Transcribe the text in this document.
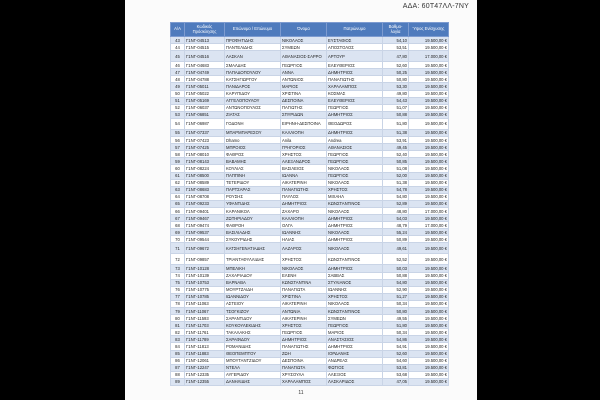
ΑΔΑ: 60Τ47ΛΛ-7ΝΥ
Α/Α	Κωδικός Πρόσκλησης	Επώνυμο / Επώνυμο	Όνομα	Πατρώνυμο	Βαθμο-λογία	Ύψος Ενίσχυσης
43	Γ1ΝΓ-04513	ΠΡΟΦΗΤΙΔΗΣ	ΝΙΚΟΛΑΟΣ	ΕΥΣΤΑΘΙΟΣ	54,10	19.500,00 €
44	Γ1ΝΓ-04515	ΠΑΝΤΕΛΙΔΗΣ	ΣΥΜΕΩΝ	ΑΠΟΣΤΟΛΟΣ	53,51	19.500,00 €
45	Γ1ΝΓ-04516	ΛΑΣΚΑΝ	ΑΘΑΝΑΣΙΟΣ-ΣΑΡΡΟ	ΑΡΤΟΥΡ	47,80	17.000,00 €
46	Γ1ΝΓ-04683	ΣΜΑΛΔΗΣ	ΓΕΩΡΓΙΟΣ	ΕΛΕΥΘΕΡΙΟΣ	52,60	19.500,00 €
47	Γ1ΝΓ-04749	ΠΑΠΑΔΟΠΟΥΛΟΥ	ΑΝΝΑ	ΔΗΜΗΤΡΙΟΣ	50,25	19.500,00 €
48	Γ1ΝΓ-04788	ΚΑΤΣΗΓΙΩΡΓΟΥ	ΑΝΤΩΝΙΟΣ	ΠΑΝΑΓΙΩΤΗΣ	50,80	19.500,00 €
49	Γ1ΝΓ-05011	ΠΑΝΙΔΑΡΟΣ	ΜΑΡΙΟΣ	ΧΑΡΑΛΑΜΠΟΣ	53,30	19.500,00 €
50	Γ1ΝΓ-05022	ΚΑΡΥΠΙΔΟΥ	ΧΡΙΣΤΙΝΑ	ΚΟΣΜΑΣ	49,80	19.500,00 €
51	Γ1ΝΓ-05169	ΑΓΓΕΛΟΠΟΥΛΟΥ	ΔΕΣΠΟΙΝΑ	ΕΛΕΥΘΕΡΙΟΣ	54,43	19.500,00 €
52	Γ1ΝΓ-06037	ΑΝΤΩΝΟΠΟΥΛΟΣ	ΠΑΓΙΩΤΗΣ	ΓΕΩΡΓΙΟΣ	51,07	19.500,00 €
53	Γ1ΝΓ-06851	ΖΙΑΤΑΣ	ΣΠΥΡΙΔΩΝ	ΔΗΜΗΤΡΙΟΣ	50,88	19.500,00 €
54	Γ1ΝΓ-06987	ΓΟΔΟΝΗ	ΕΙΡΗΝΗ-ΔΕΣΠΟΙΝΑ	ΘΕΟΔΩΡΟΣ	51,80	19.500,00 €
55	Γ1ΝΓ-07337	ΜΠΑΡΜΠΑΡΕΣΟΥ	ΚΑΛΛΙΟΠΗ	ΔΗΜΗΤΡΙΟΣ	51,38	19.500,00 €
56	Γ1ΝΓ-07423	Dhamo	Anila	Andrea	53,91	19.500,00 €
57	Γ1ΝΓ-07425	ΜΠΡΟΙΟΣ	ΓΡΗΓΟΡΙΟΣ	ΑΘΑΝΑΣΙΟΣ	49,45	19.500,00 €
58	Γ1ΝΓ-08010	ΦΑΘΡΟΣ	ΧΡΗΣΤΟΣ	ΓΕΩΡΓΙΟΣ	52,40	19.500,00 €
59	Γ1ΝΓ-08143	ΒΑΒΑΜΗΣ	ΑΛΕΞΑΝΔΡΟΣ	ΓΕΩΡΓΙΟΣ	50,85	19.500,00 €
60	Γ1ΝΓ-08224	ΚΟΥΛΙΑΣ	ΒΑΣΙΛΕΙΟΣ	ΝΙΚΟΛΑΟΣ	51,08	19.500,00 €
61	Γ1ΝΓ-08500	ΠΑΠΠΙΝΗ	ΙΩΑΝΝΑ	ΓΕΩΡΓΙΟΣ	52,00	19.500,00 €
62	Γ1ΝΓ-08589	ΤΕΤΕΡΙΔΟΥ	ΑΙΚΑΤΕΡΙΝΗ	ΝΙΚΟΛΑΟΣ	51,38	19.500,00 €
63	Γ1ΝΓ-08683	ΠΑΡΤΣΑΡΑΣ	ΠΑΝΑΓΙΩΤΗΣ	ΧΡΗΣΤΟΣ	54,78	19.500,00 €
64	Γ1ΝΓ-08708	ΡΟΥΣΗΣ	ΠΑΥΛΟΣ	ΜΙΧΑΗΛ	54,80	19.500,00 €
65	Γ1ΝΓ-09233	ΥΦΑΝΤΙΔΗΣ	ΔΗΜΗΤΡΙΟΣ	ΚΩΝΣΤΑΝΤΙΝΟΣ	52,89	19.500,00 €
66	Γ1ΝΓ-09401	ΚΑΡΑΝΙΚΟΛ	ΖΑΧΑΡΟ	ΝΙΚΟΛΑΟΣ	48,80	17.000,00 €
67	Γ1ΝΓ-09467	ΖΩΤΗΡΙΑΔΟΥ	ΚΑΛΛΙΟΠΗ	ΔΗΜΗΤΡΙΟΣ	54,03	19.500,00 €
68	Γ1ΝΓ-09474	ΦΑΘΡΟΗ	ΟΛΓΑ	ΔΗΜΗΤΡΙΟΣ	48,79	17.000,00 €
69	Γ1ΝΓ-09537	ΒΑΣΙΛΙΑΔΗΣ	ΙΩΑΝΝΗΣ	ΝΙΚΟΛΑΟΣ	55,24	19.500,00 €
70	Γ1ΝΓ-09544	ΣΥΚΟΥΡΙΔΗΣ	ΗΛΙΑΣ	ΔΗΜΗΤΡΙΟΣ	50,89	19.500,00 €
71	Γ1ΝΓ-09672	ΚΑΤΣΗΓΕΝΑΤΙΑΔΗΣ	ΛΑΖΑΡΟΣ	ΝΙΚΟΛΑΟΣ	49,61	19.500,00 €
72	Γ1ΝΓ-09857	ΤΡΙΑΝΤΑΦΥΛΛΙΔΗΣ	ΧΡΗΣΤΟΣ	ΚΩΝΣΤΑΝΤΙΝΟΣ	52,52	19.500,00 €
73	Γ1ΝΓ-10128	ΜΠΕΛΙΚΗ	ΝΙΚΟΛΑΟΣ	ΔΗΜΗΤΡΙΟΣ	50,03	19.500,00 €
74	Γ1ΝΓ-10139	ΖΑΧΑΡΙΑΔΟΥ	ΕΛΕΝΗ	ΣΑΒΒΑΣ	50,88	19.500,00 €
75	Γ1ΝΓ-10753	ΒΑΡΝΑΒΑ	ΚΩΝΣΤΑΝΤΙΝΑ	ΣΤΥΛΙΑΝΟΣ	54,80	19.500,00 €
76	Γ1ΝΓ-10775	ΜΟΥΡΤΖΑΙΔΗ	ΠΑΝΑΓΙΩΤΑ	ΙΩΑΝΝΗΣ	52,90	19.500,00 €
77	Γ1ΝΓ-10785	ΙΩΑΝΝΙΔΟΥ	ΧΡΙΣΤΙΝΑ	ΧΡΗΣΤΟΣ	51,27	19.500,00 €
78	Γ1ΝΓ-11063	ΑΣΤΕΙΟΥ	ΑΙΚΑΤΕΡΙΝΗ	ΝΙΚΟΛΑΟΣ	50,34	19.500,00 €
79	Γ1ΝΓ-11067	ΤΣΟΓΚΙΖΟΥ	ΑΝΤΩΝΙΑ	ΚΩΝΣΤΑΝΤΙΝΟΣ	50,80	19.500,00 €
80	Γ1ΝΓ-11593	ΣΑΡΑΝΤΙΔΟΥ	ΑΙΚΑΤΕΡΙΝΗ	ΣΥΜΕΩΝ	49,55	19.500,00 €
81	Γ1ΝΓ-11703	ΚΟΥΚΟΥΛΕΚΙΔΗΣ	ΧΡΗΣΤΟΣ	ΓΕΩΡΓΙΟΣ	51,80	19.500,00 €
82	Γ1ΝΓ-11761	ΤΑΚΑΛΑΚΗΣ	ΓΕΩΡΓΙΟΣ	ΜΑΡΙΟΣ	50,34	19.500,00 €
83	Γ1ΝΓ-11789	ΣΑΡΑΦΙΔΟΥ	ΔΗΜΗΤΡΙΟΣ	ΑΝΑΣΤΑΣΙΟΣ	54,86	19.500,00 €
84	Γ1ΝΓ-11813	ΡΟΜΑΝΙΔΗΣ	ΠΑΝΑΓΙΩΤΗΣ	ΔΗΜΗΤΡΙΟΣ	54,91	19.500,00 €
85	Γ1ΝΓ-11883	ΘΕΟΠΕΜΠΤΟΥ	ΖΩΗ	ΙΟΡΔΑΝΗΣ	52,60	19.500,00 €
86	Γ1ΝΓ-12061	ΜΠΟΥΤΑΝΤΖΙΔΟΥ	ΔΕΣΠΟΙΝΑ	ΑΝΔΡΕΑΣ	54,60	19.500,00 €
87	Γ1ΝΓ-12247	ΝΤΕΛΑ	ΠΑΝΑΓΙΩΤΑ	ΦΩΤΙΟΣ	53,81	19.500,00 €
88	Γ1ΝΓ-12335	ΑΥΓΕΡΙΔΟΥ	ΧΡΥΣΟΥΛΑ	ΑΛΕΞΙΟΣ	53,68	19.500,00 €
89	Γ1ΝΓ-12355	ΔΑΝΗΛΙΔΗΣ	ΧΑΡΑΛΑΜΠΟΣ	ΛΑΣΚΑΡΙΔΟΣ	47,05	19.500,00 €
11
